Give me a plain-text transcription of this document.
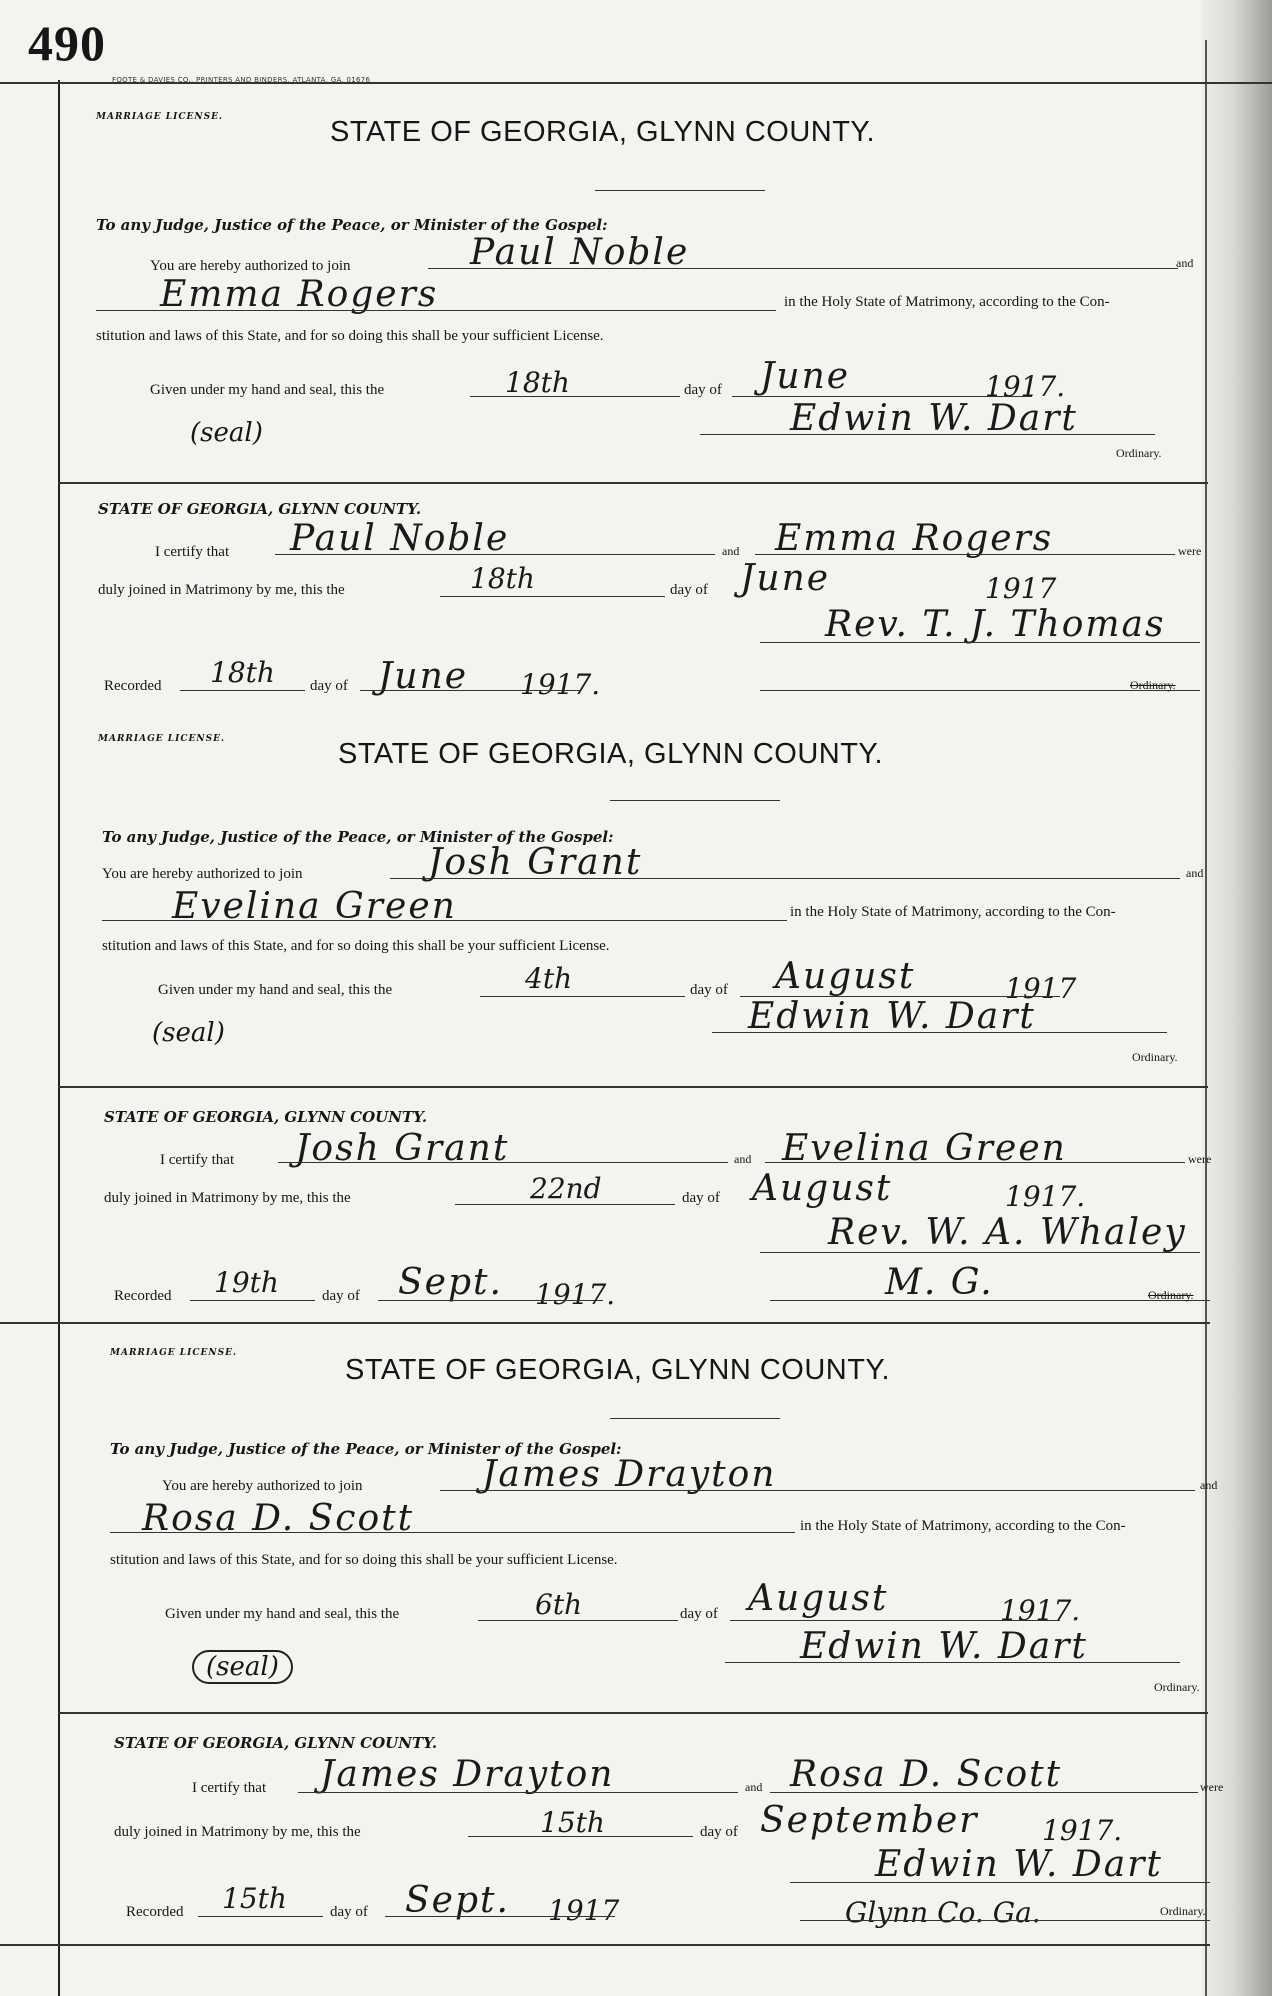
490
FOOTE & DAVIES CO., PRINTERS AND BINDERS, ATLANTA, GA. 01676
MARRIAGE LICENSE.	STATE OF GEORGIA, GLYNN COUNTY.
To any Judge, Justice of the Peace, or Minister of the Gospel:
You are hereby authorized to join	Paul Noble	and
Emma Rogers	in the Holy State of Matrimony, according to the Con-
stitution and laws of this State, and for so doing this shall be your sufficient License.
Given under my hand and seal, this the	18th	day of June	1917.
(seal)	Edwin W. Dart
Ordinary.
STATE OF GEORGIA, GLYNN COUNTY.
I certify that Paul Noble	and Emma Rogers	were
duly joined in Matrimony by me, this the	18th	day of June	1917
Rev. T. J. Thomas
Recorded 18th day of June 1917.	Ordinary.
MARRIAGE LICENSE.	STATE OF GEORGIA, GLYNN COUNTY.
To any Judge, Justice of the Peace, or Minister of the Gospel:
You are hereby authorized to join	Josh Grant	and
Evelina Green	in the Holy State of Matrimony, according to the Con-
stitution and laws of this State, and for so doing this shall be your sufficient License.
Given under my hand and seal, this the	4th	day of August	1917
(seal)	Edwin W. Dart
Ordinary.
STATE OF GEORGIA, GLYNN COUNTY.
I certify that Josh Grant	and Evelina Green	were
duly joined in Matrimony by me, this the	22nd	day of August	1917.
Rev. W. A. Whaley
Recorded 19th	day of Sept. 1917.	M. G.	Ordinary.
MARRIAGE LICENSE.
STATE OF GEORGIA, GLYNN COUNTY.
To any Judge, Justice of the Peace, or Minister of the Gospel:
You are hereby authorized to join	James Drayton	and
Rosa D. Scott	in the Holy State of Matrimony, according to the Con-
stitution and laws of this State, and for so doing this shall be your sufficient License.
Given under my hand and seal, this the	6th	day of August	1917.
(seal)	Edwin W. Dart
Ordinary.
STATE OF GEORGIA, GLYNN COUNTY.
I certify that James Drayton	and Rosa D. Scott	were
duly joined in Matrimony by me, this the	15th	day of September 1917.
Edwin W. Dart
Recorded 15th	day of Sept. 1917	Glynn Co. Ga.	Ordinary.
